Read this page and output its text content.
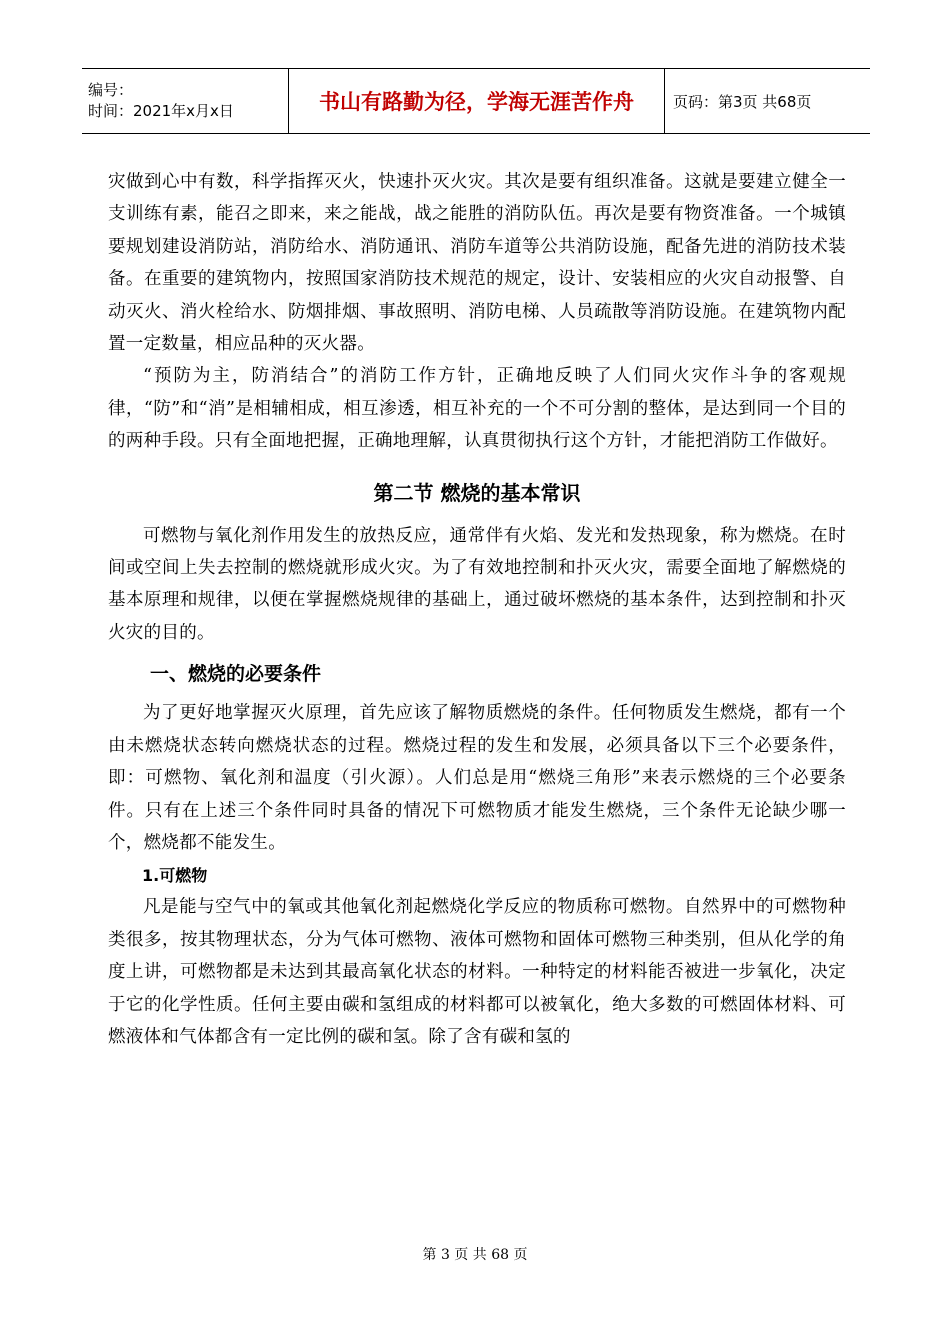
编号：
时间：2021年x月x日	书山有路勤为径，学海无涯苦作舟	页码：第3页 共68页

灾做到心中有数，科学指挥灭火，快速扑灭火灾。其次是要有组织准备。这就是要建立健全一支训练有素，能召之即来，来之能战，战之能胜的消防队伍。再次是要有物资准备。一个城镇要规划建设消防站，消防给水、消防通讯、消防车道等公共消防设施，配备先进的消防技术装备。在重要的建筑物内，按照国家消防技术规范的规定，设计、安装相应的火灾自动报警、自动灭火、消火栓给水、防烟排烟、事故照明、消防电梯、人员疏散等消防设施。在建筑物内配置一定数量，相应品种的灭火器。

“预防为主，防消结合”的消防工作方针，正确地反映了人们同火灾作斗争的客观规律，“防”和“消”是相辅相成，相互渗透，相互补充的一个不可分割的整体，是达到同一个目的的两种手段。只有全面地把握，正确地理解，认真贯彻执行这个方针，才能把消防工作做好。

第二节 燃烧的基本常识

可燃物与氧化剂作用发生的放热反应，通常伴有火焰、发光和发热现象，称为燃烧。在时间或空间上失去控制的燃烧就形成火灾。为了有效地控制和扑灭火灾，需要全面地了解燃烧的基本原理和规律，以便在掌握燃烧规律的基础上，通过破坏燃烧的基本条件，达到控制和扑灭火灾的目的。

一、燃烧的必要条件

为了更好地掌握灭火原理，首先应该了解物质燃烧的条件。任何物质发生燃烧，都有一个由未燃烧状态转向燃烧状态的过程。燃烧过程的发生和发展，必须具备以下三个必要条件，即：可燃物、氧化剂和温度（引火源）。人们总是用“燃烧三角形”来表示燃烧的三个必要条件。只有在上述三个条件同时具备的情况下可燃物质才能发生燃烧，三个条件无论缺少哪一个，燃烧都不能发生。

1.可燃物

凡是能与空气中的氧或其他氧化剂起燃烧化学反应的物质称可燃物。自然界中的可燃物种类很多，按其物理状态，分为气体可燃物、液体可燃物和固体可燃物三种类别，但从化学的角度上讲，可燃物都是未达到其最高氧化状态的材料。一种特定的材料能否被进一步氧化，决定于它的化学性质。任何主要由碳和氢组成的材料都可以被氧化，绝大多数的可燃固体材料、可燃液体和气体都含有一定比例的碳和氢。除了含有碳和氢的

第 3 页 共 68 页
